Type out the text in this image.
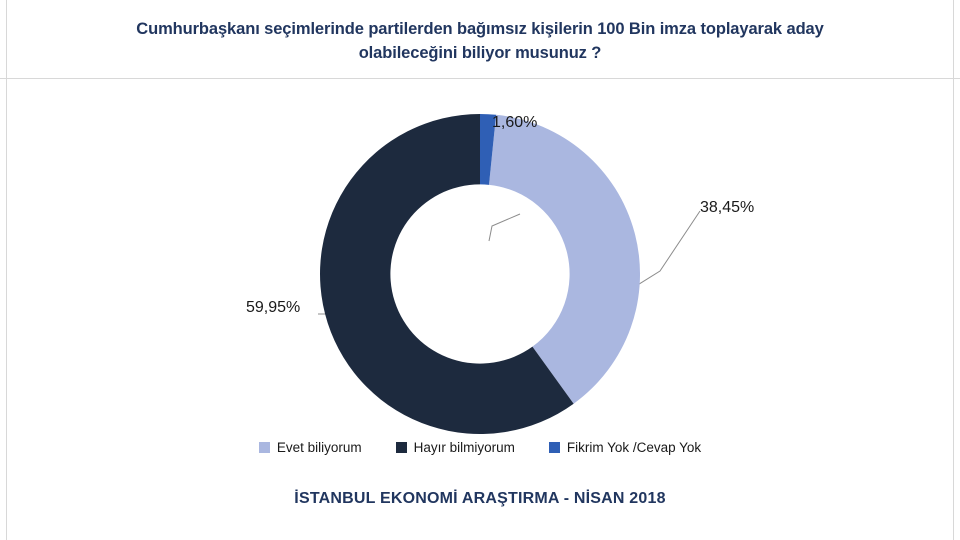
Cumhurbaşkanı seçimlerinde partilerden bağımsız kişilerin 100 Bin imza toplayarak aday
olabileceğini biliyor musunuz ?
1,60%
38,45%
59,95%
Evet biliyorum	Hayır bilmiyorum	Fikrim Yok /Cevap Yok
İSTANBUL EKONOMİ ARAŞTIRMA - NİSAN 2018
